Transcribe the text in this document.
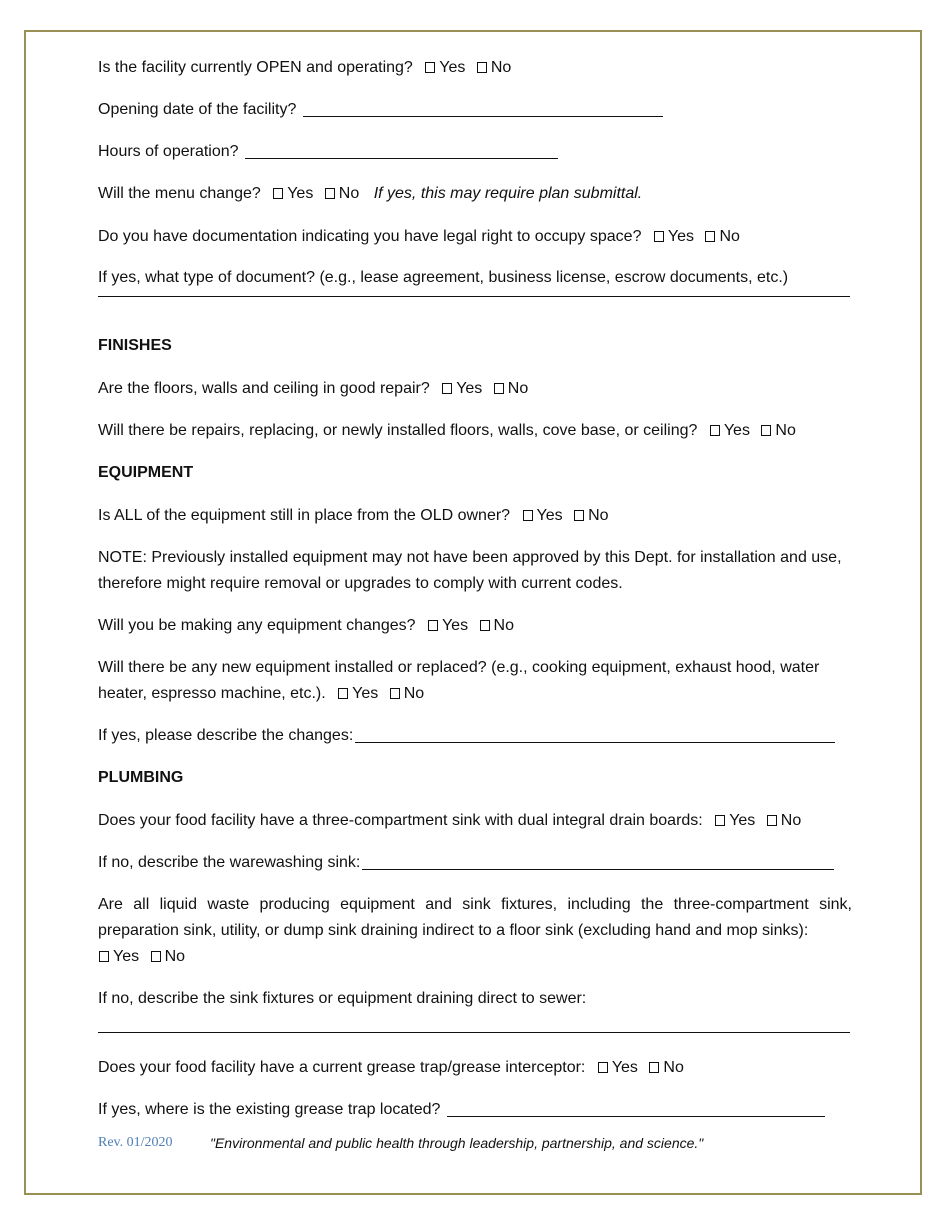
Is the facility currently OPEN and operating? Yes No
Opening date of the facility?
Hours of operation?
Will the menu change? Yes No If yes, this may require plan submittal.
Do you have documentation indicating you have legal right to occupy space? Yes No
If yes, what type of document? (e.g., lease agreement, business license, escrow documents, etc.)
FINISHES
Are the floors, walls and ceiling in good repair? Yes No
Will there be repairs, replacing, or newly installed floors, walls, cove base, or ceiling? Yes No
EQUIPMENT
Is ALL of the equipment still in place from the OLD owner? Yes No
NOTE: Previously installed equipment may not have been approved by this Dept. for installation and use, therefore might require removal or upgrades to comply with current codes.
Will you be making any equipment changes? Yes No
Will there be any new equipment installed or replaced? (e.g., cooking equipment, exhaust hood, water heater, espresso machine, etc.). Yes No
If yes, please describe the changes:
PLUMBING
Does your food facility have a three-compartment sink with dual integral drain boards: Yes No
If no, describe the warewashing sink:
Are all liquid waste producing equipment and sink fixtures, including the three-compartment sink, preparation sink, utility, or dump sink draining indirect to a floor sink (excluding hand and mop sinks):
Yes No
If no, describe the sink fixtures or equipment draining direct to sewer:
Does your food facility have a current grease trap/grease interceptor: Yes No
If yes, where is the existing grease trap located?
Rev. 01/2020	"Environmental and public health through leadership, partnership, and science."
